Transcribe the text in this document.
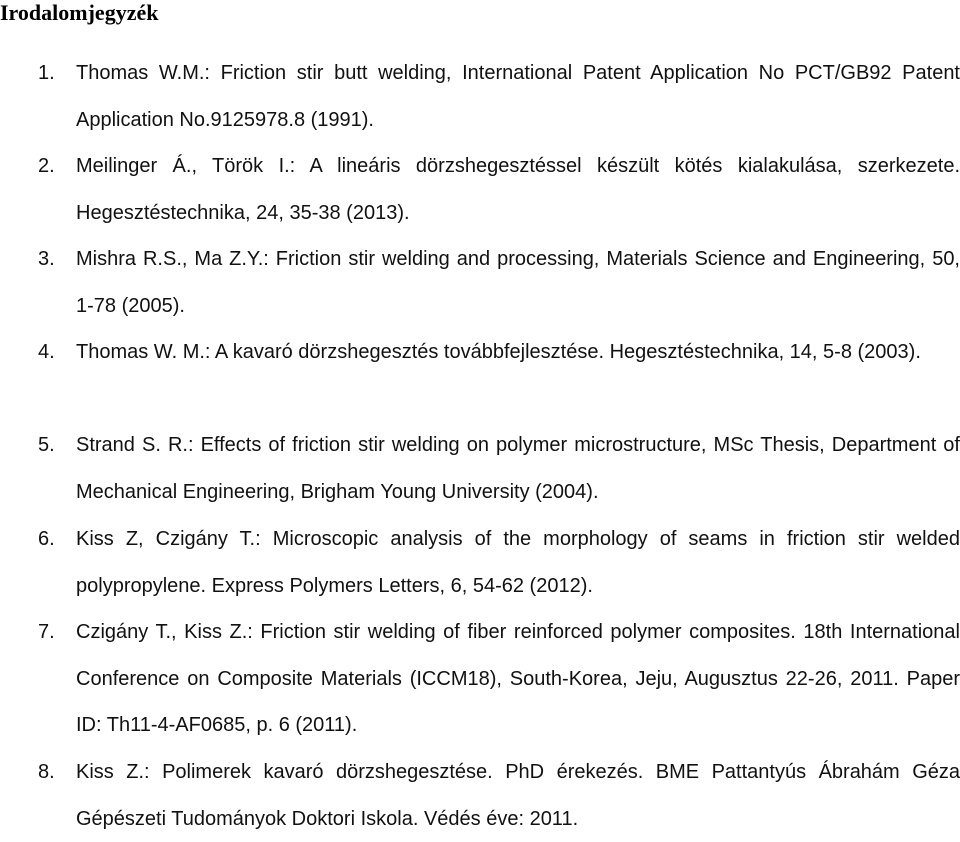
Irodalomjegyzék
1. Thomas W.M.: Friction stir butt welding, International Patent Application No PCT/GB92 Patent Application No.9125978.8 (1991).
2. Meilinger Á., Török I.: A lineáris dörzshegesztéssel készült kötés kialakulása, szerkezete. Hegesztéstechnika, 24, 35-38 (2013).
3. Mishra R.S., Ma Z.Y.: Friction stir welding and processing, Materials Science and Engineering, 50, 1-78 (2005).
4. Thomas W. M.: A kavaró dörzshegesztés továbbfejlesztése. Hegesztéstechnika, 14, 5-8 (2003).
5. Strand S. R.: Effects of friction stir welding on polymer microstructure, MSc Thesis, Department of Mechanical Engineering, Brigham Young University (2004).
6. Kiss Z, Czigány T.: Microscopic analysis of the morphology of seams in friction stir welded polypropylene. Express Polymers Letters, 6, 54-62 (2012).
7. Czigány T., Kiss Z.: Friction stir welding of fiber reinforced polymer composites. 18th International Conference on Composite Materials (ICCM18), South-Korea, Jeju, Augusztus 22-26, 2011. Paper ID: Th11-4-AF0685, p. 6 (2011).
8. Kiss Z.: Polimerek kavaró dörzshegesztése. PhD érekezés. BME Pattantyús Ábrahám Géza Gépészeti Tudományok Doktori Iskola. Védés éve: 2011.
